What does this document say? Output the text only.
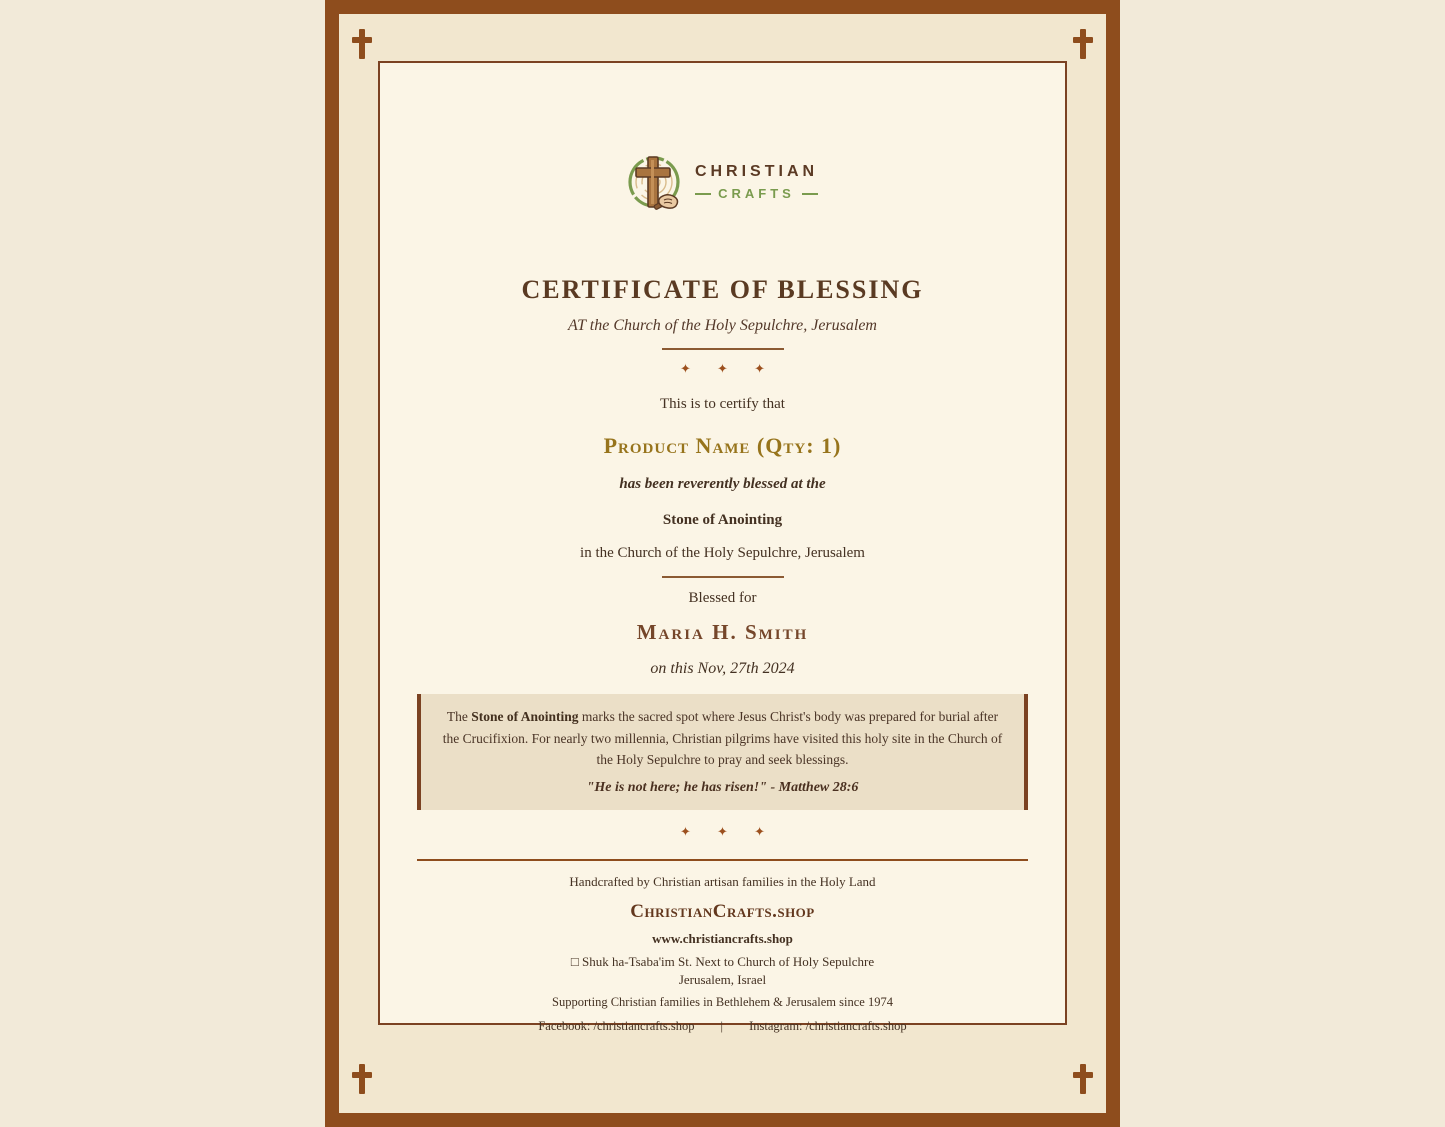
CHRISTIAN
CRAFTS
CERTIFICATE OF BLESSING
AT the Church of the Holy Sepulchre, Jerusalem
✦ ✦ ✦
This is to certify that
Product Name (Qty: 1)
has been reverently blessed at the
Stone of Anointing
in the Church of the Holy Sepulchre, Jerusalem
Blessed for
Maria H. Smith
on this Nov, 27th 2024
The Stone of Anointing marks the sacred spot where Jesus Christ's body was prepared for burial after the Crucifixion. For nearly two millennia, Christian pilgrims have visited this holy site in the Church of the Holy Sepulchre to pray and seek blessings.
"He is not here; he has risen!" - Matthew 28:6
✦ ✦ ✦
Handcrafted by Christian artisan families in the Holy Land
ChristianCrafts.shop
www.christiancrafts.shop
□ Shuk ha-Tsaba'im St. Next to Church of Holy Sepulchre
Jerusalem, Israel
Supporting Christian families in Bethlehem & Jerusalem since 1974
Facebook: /christiancrafts.shop | Instagram: /christiancrafts.shop
